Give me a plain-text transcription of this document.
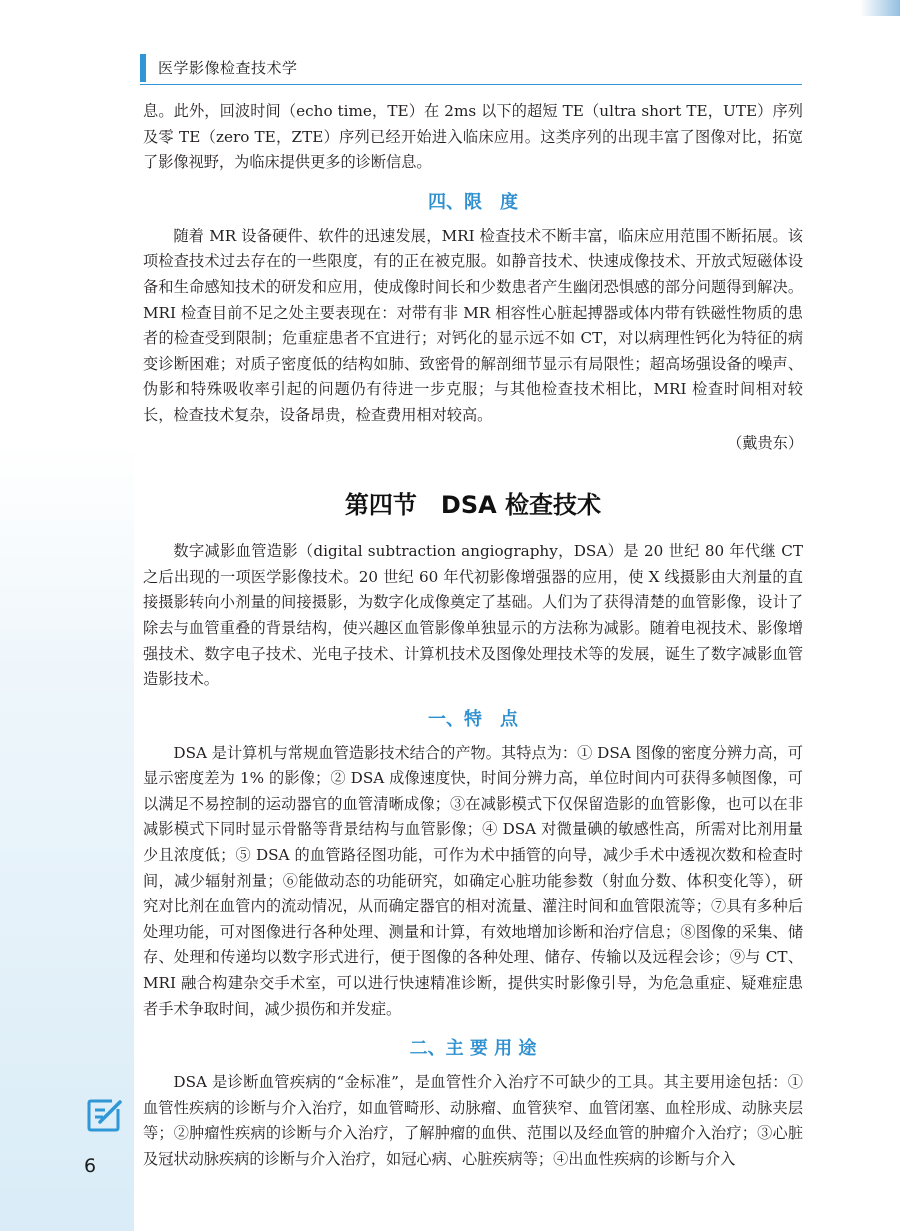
医学影像检查技术学

息。此外，回波时间（echo time，TE）在 2ms 以下的超短 TE（ultra short TE，UTE）序列及零 TE（zero TE，ZTE）序列已经开始进入临床应用。这类序列的出现丰富了图像对比，拓宽了影像视野，为临床提供更多的诊断信息。

四、限　度

随着 MR 设备硬件、软件的迅速发展，MRI 检查技术不断丰富，临床应用范围不断拓展。该项检查技术过去存在的一些限度，有的正在被克服。如静音技术、快速成像技术、开放式短磁体设备和生命感知技术的研发和应用，使成像时间长和少数患者产生幽闭恐惧感的部分问题得到解决。MRI 检查目前不足之处主要表现在：对带有非 MR 相容性心脏起搏器或体内带有铁磁性物质的患者的检查受到限制；危重症患者不宜进行；对钙化的显示远不如 CT，对以病理性钙化为特征的病变诊断困难；对质子密度低的结构如肺、致密骨的解剖细节显示有局限性；超高场强设备的噪声、伪影和特殊吸收率引起的问题仍有待进一步克服；与其他检查技术相比，MRI 检查时间相对较长，检查技术复杂，设备昂贵，检查费用相对较高。

（戴贵东）
第四节　DSA 检查技术

数字减影血管造影（digital subtraction angiography，DSA）是 20 世纪 80 年代继 CT 之后出现的一项医学影像技术。20 世纪 60 年代初影像增强器的应用，使 X 线摄影由大剂量的直接摄影转向小剂量的间接摄影，为数字化成像奠定了基础。人们为了获得清楚的血管影像，设计了除去与血管重叠的背景结构，使兴趣区血管影像单独显示的方法称为减影。随着电视技术、影像增强技术、数字电子技术、光电子技术、计算机技术及图像处理技术等的发展，诞生了数字减影血管造影技术。

一、特　点

DSA 是计算机与常规血管造影技术结合的产物。其特点为：① DSA 图像的密度分辨力高，可显示密度差为 1% 的影像；② DSA 成像速度快，时间分辨力高，单位时间内可获得多帧图像，可以满足不易控制的运动器官的血管清晰成像；③在减影模式下仅保留造影的血管影像，也可以在非减影模式下同时显示骨骼等背景结构与血管影像；④ DSA 对微量碘的敏感性高，所需对比剂用量少且浓度低；⑤ DSA 的血管路径图功能，可作为术中插管的向导，减少手术中透视次数和检查时间，减少辐射剂量；⑥能做动态的功能研究，如确定心脏功能参数（射血分数、体积变化等），研究对比剂在血管内的流动情况，从而确定器官的相对流量、灌注时间和血管限流等；⑦具有多种后处理功能，可对图像进行各种处理、测量和计算，有效地增加诊断和治疗信息；⑧图像的采集、储存、处理和传递均以数字形式进行，便于图像的各种处理、储存、传输以及远程会诊；⑨与 CT、MRI 融合构建杂交手术室，可以进行快速精准诊断，提供实时影像引导，为危急重症、疑难症患者手术争取时间，减少损伤和并发症。

二、主 要 用 途

DSA 是诊断血管疾病的“金标准”，是血管性介入治疗不可缺少的工具。其主要用途包括：①血管性疾病的诊断与介入治疗，如血管畸形、动脉瘤、血管狭窄、血管闭塞、血栓形成、动脉夹层等；②肿瘤性疾病的诊断与介入治疗，了解肿瘤的血供、范围以及经血管的肿瘤介入治疗；③心脏及冠状动脉疾病的诊断与介入治疗，如冠心病、心脏疾病等；④出血性疾病的诊断与介入

6
